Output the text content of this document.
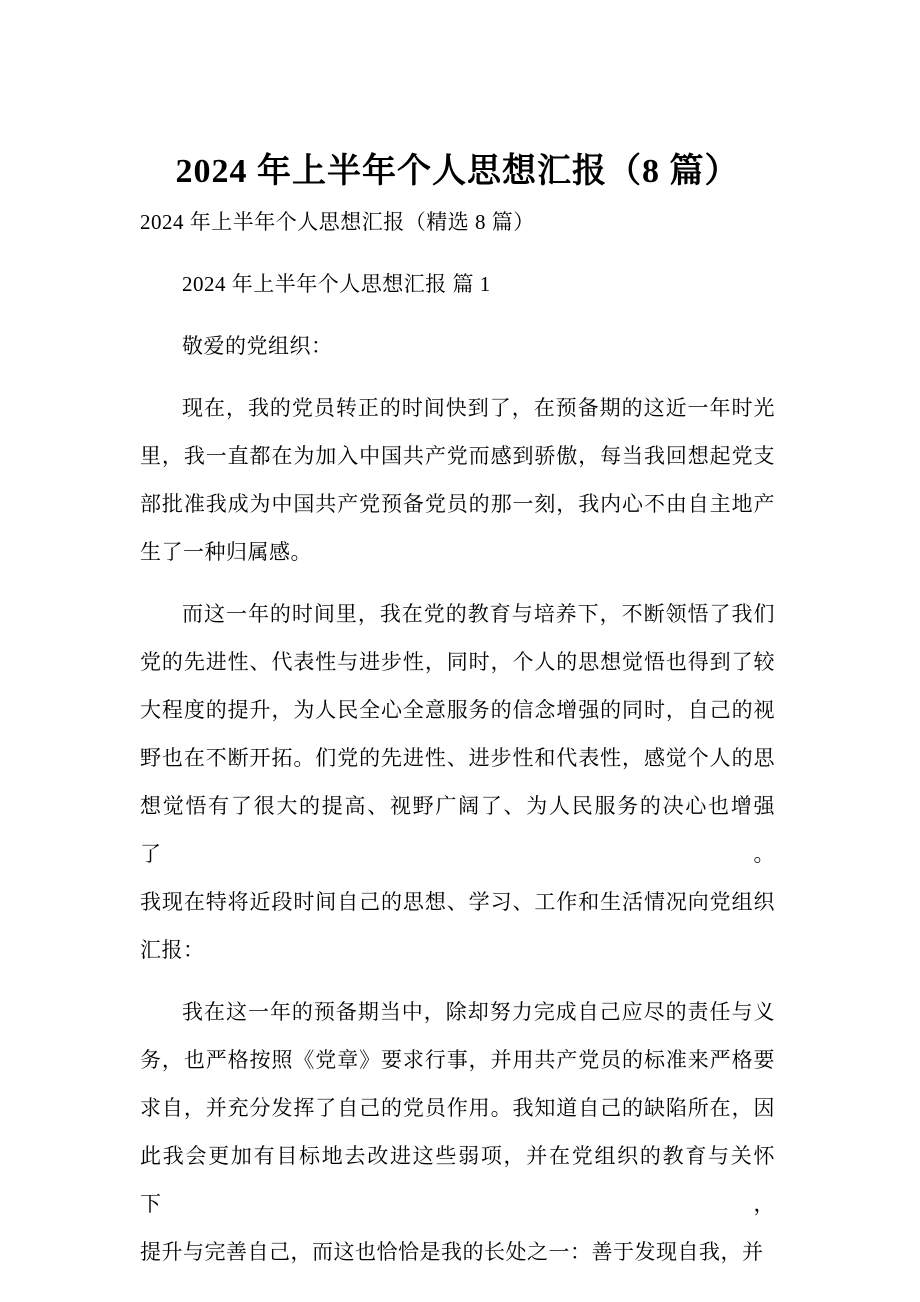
2024 年上半年个人思想汇报（8 篇）
2024 年上半年个人思想汇报（精选 8 篇）
2024 年上半年个人思想汇报 篇 1
敬爱的党组织：
现在，我的党员转正的时间快到了，在预备期的这近一年时光
里，我一直都在为加入中国共产党而感到骄傲，每当我回想起党支
部批准我成为中国共产党预备党员的那一刻，我内心不由自主地产
生了一种归属感。
而这一年的时间里，我在党的教育与培养下，不断领悟了我们
党的先进性、代表性与进步性，同时，个人的思想觉悟也得到了较
大程度的提升，为人民全心全意服务的信念增强的同时，自己的视
野也在不断开拓。们党的先进性、进步性和代表性，感觉个人的思
想觉悟有了很大的提高、视野广阔了、为人民服务的决心也增强了。
我现在特将近段时间自己的思想、学习、工作和生活情况向党组织
汇报：
我在这一年的预备期当中，除却努力完成自己应尽的责任与义
务，也严格按照《党章》要求行事，并用共产党员的标准来严格要
求自，并充分发挥了自己的党员作用。我知道自己的缺陷所在，因
此我会更加有目标地去改进这些弱项，并在党组织的教育与关怀下，
提升与完善自己，而这也恰恰是我的长处之一：善于发现自我，并
